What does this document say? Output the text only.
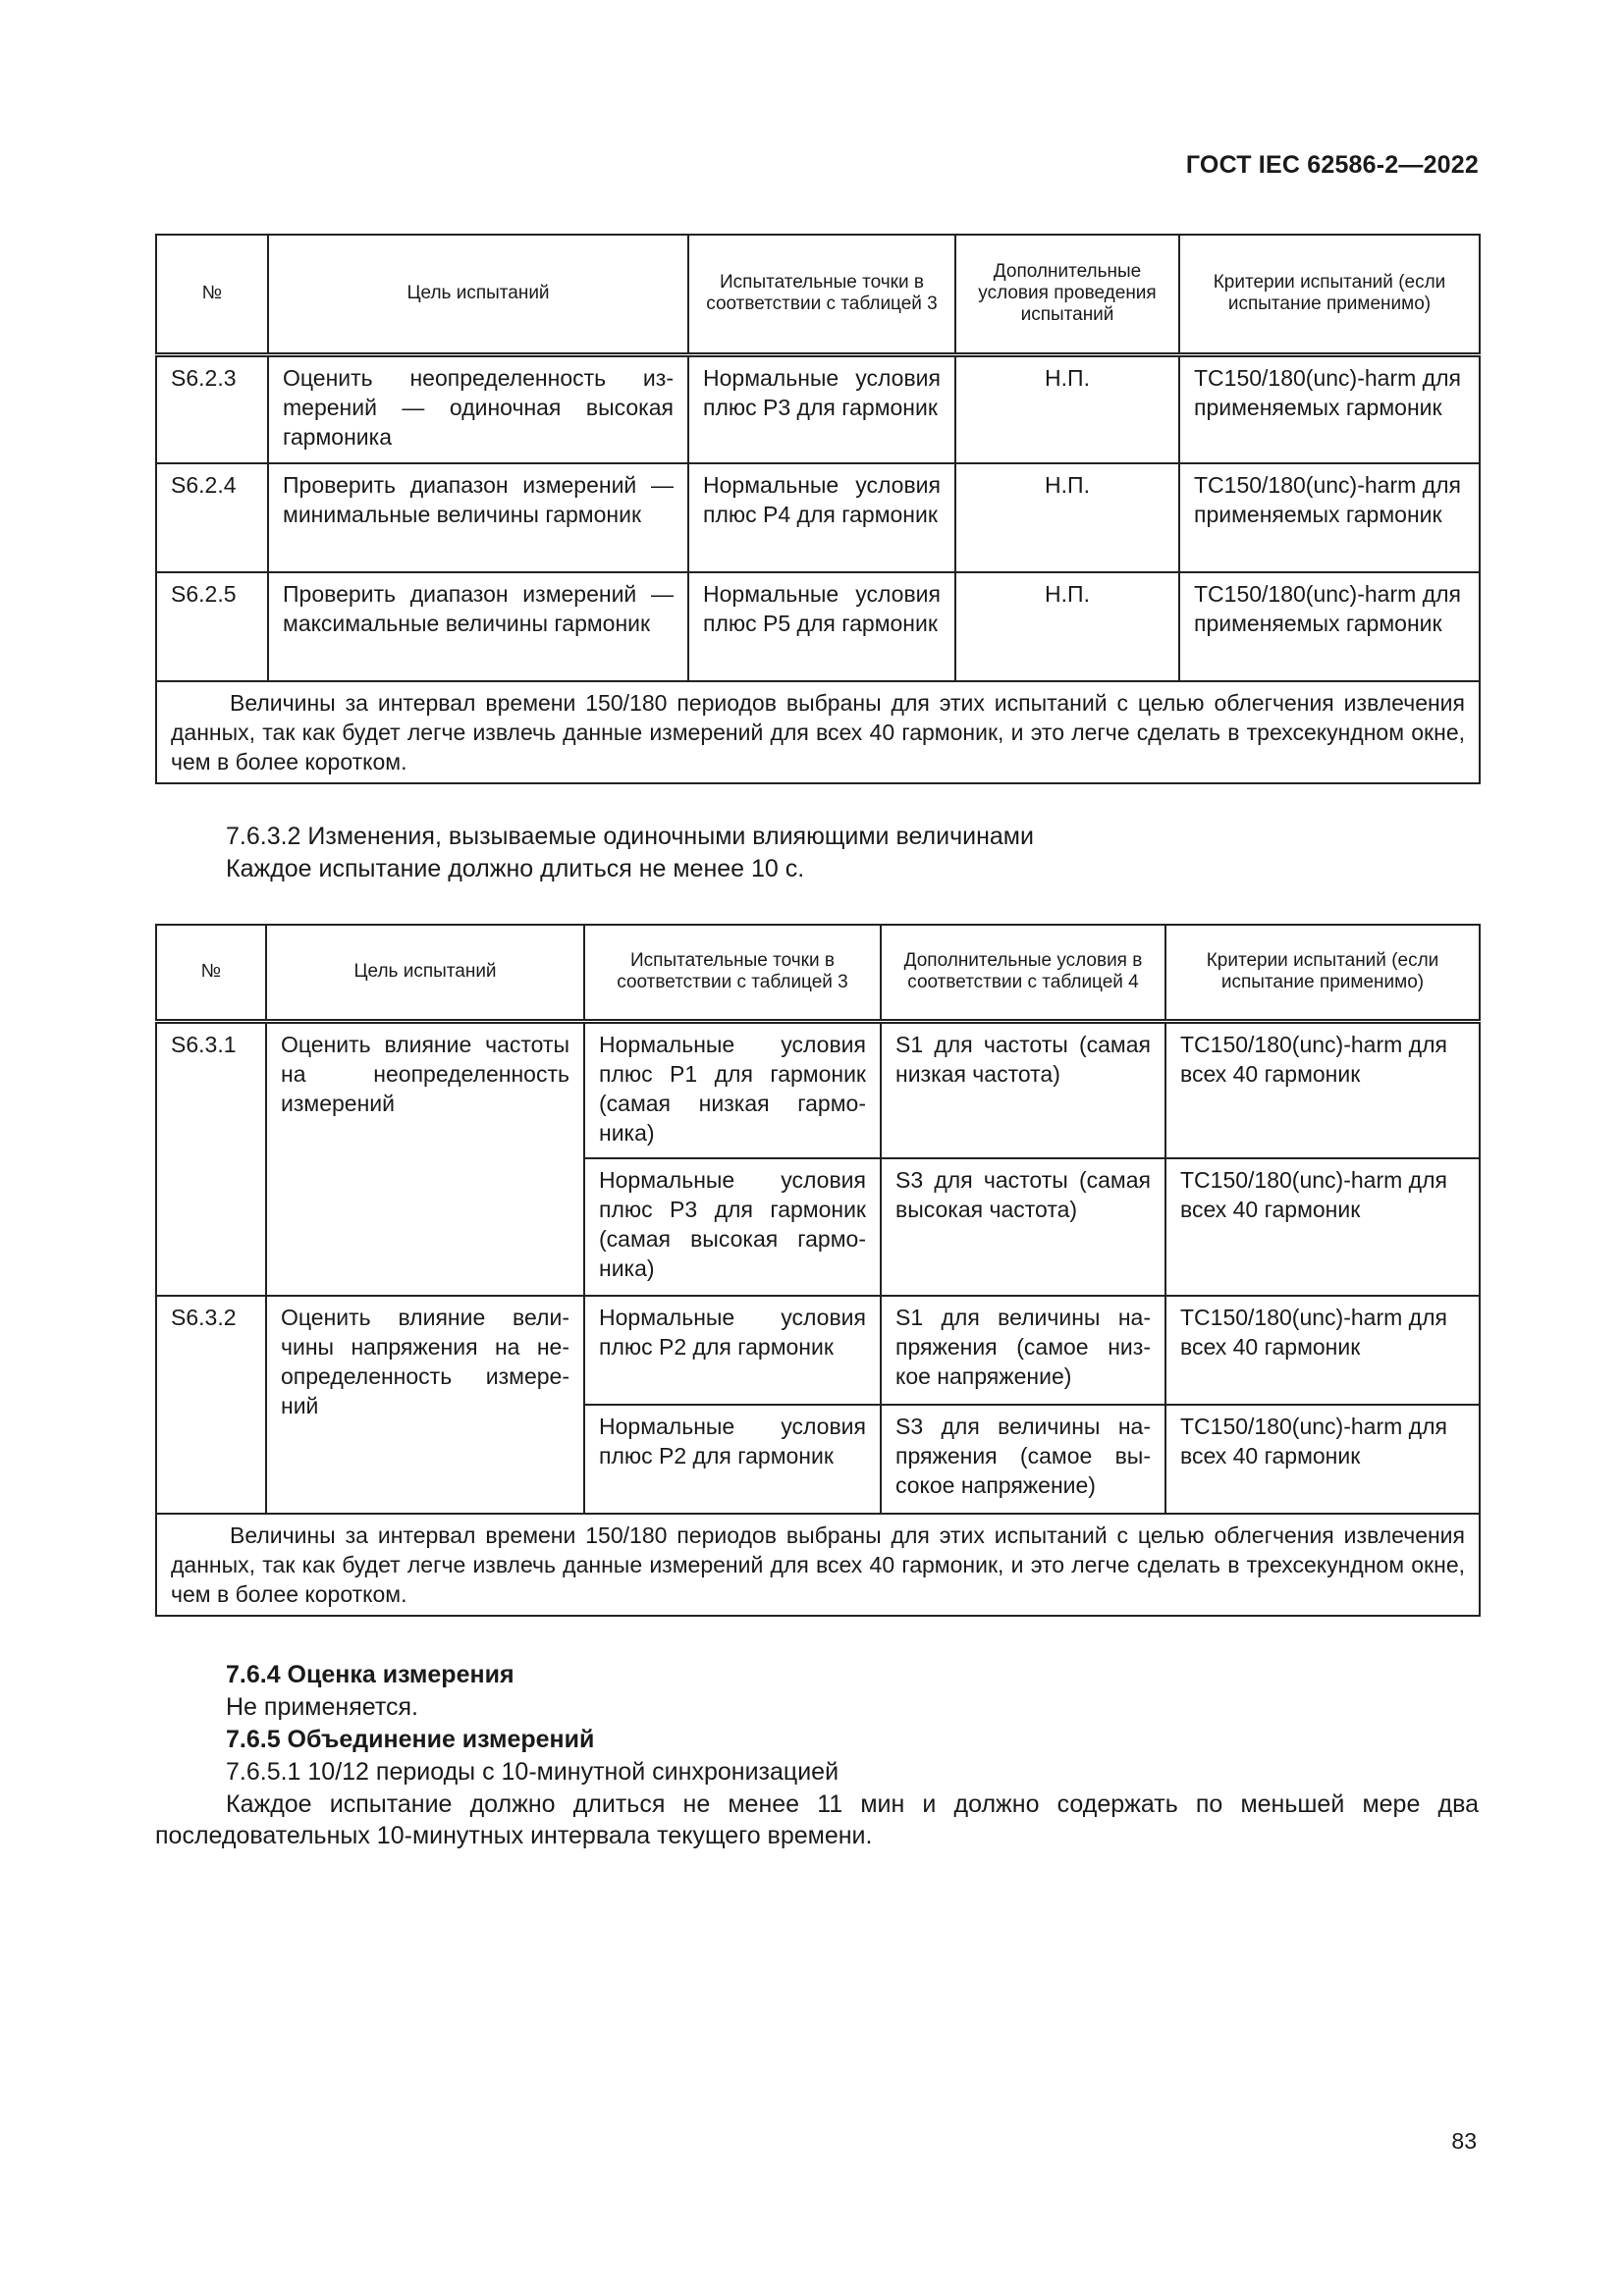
ГОСТ IEC 62586-2—2022
№	Цель испытаний	Испытательные точки в соответствии с таблицей 3	Дополнительные условия проведения испытаний	Критерии испытаний (если испытание применимо)
S6.2.3	Оценить неопределенность изmерений — одиночная высокая гармоника	Нормальные условия плюс Р3 для гармоник	Н.П.	TC150/180(unc)-harm для применяемых гармоник
S6.2.4	Проверить диапазон измерений — минимальные величины гармоник	Нормальные условия плюс Р4 для гармоник	Н.П.	TC150/180(unc)-harm для применяемых гармоник
S6.2.5	Проверить диапазон измерений — максимальные величины гармоник	Нормальные условия плюс Р5 для гармоник	Н.П.	TC150/180(unc)-harm для применяемых гармоник
Величины за интервал времени 150/180 периодов выбраны для этих испытаний с целью облегчения извлечения данных, так как будет легче извлечь данные измерений для всех 40 гармоник, и это легче сделать в трехсекундном окне, чем в более коротком.				
7.6.3.2 Изменения, вызываемые одиночными влияющими величинами
Каждое испытание должно длиться не менее 10 с.
№	Цель испытаний	Испытательные точки в соответствии с таблицей 3	Дополнительные условия в соответствии с таблицей 4	Критерии испытаний (если испытание применимо)
S6.3.1	Оценить влияние частоты на неопределенность измерений	Нормальные условия плюс Р1 для гармоник (самая низкая гармоника)	S1 для частоты (самая низкая частота)	TC150/180(unc)-harm для всех 40 гармоник
		Нормальные условия плюс Р3 для гармоник (самая высокая гармоника)	S3 для частоты (самая высокая частота)	TC150/180(unc)-harm для всех 40 гармоник
S6.3.2	Оценить влияние величины напряжения на неопределенность измерений	Нормальные условия плюс Р2 для гармоник	S1 для величины напряжения (самое низкое напряжение)	TC150/180(unc)-harm для всех 40 гармоник
		Нормальные условия плюс Р2 для гармоник	S3 для величины напряжения (самое высокое напряжение)	TC150/180(unc)-harm для всех 40 гармоник
Величины за интервал времени 150/180 периодов выбраны для этих испытаний с целью облегчения извлечения данных, так как будет легче извлечь данные измерений для всех 40 гармоник, и это легче сделать в трехсекундном окне, чем в более коротком.				
7.6.4 Оценка измерения
Не применяется.
7.6.5 Объединение измерений
7.6.5.1 10/12 периоды с 10-минутной синхронизацией
Каждое испытание должно длиться не менее 11 мин и должно содержать по меньшей мере два последовательных 10-минутных интервала текущего времени.
83
